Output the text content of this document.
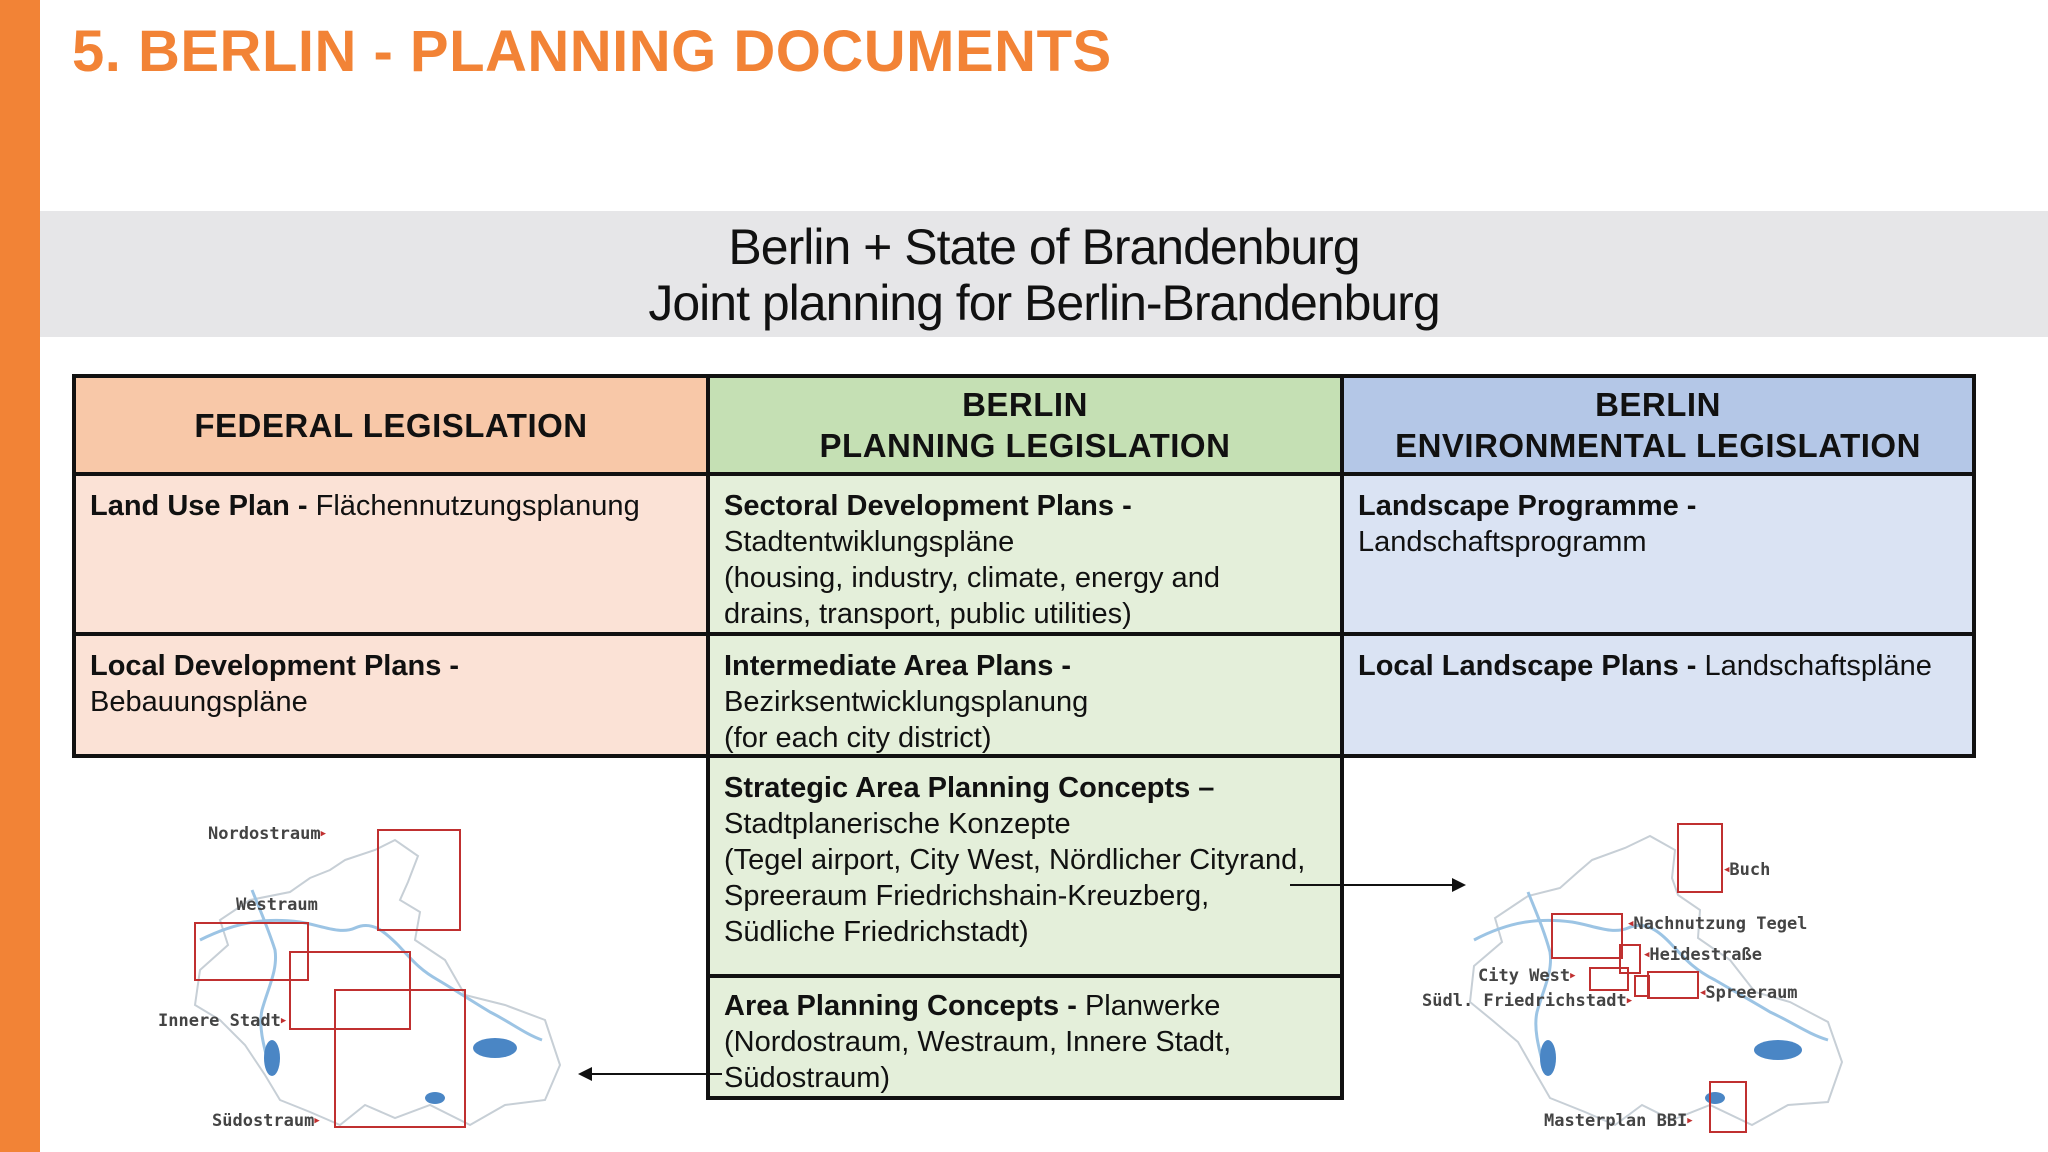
5. BERLIN - PLANNING DOCUMENTS
Berlin + State of Brandenburg
Joint planning for Berlin-Brandenburg
FEDERAL LEGISLATION
BERLIN
PLANNING LEGISLATION
BERLIN
ENVIRONMENTAL LEGISLATION
Land Use Plan - Flächennutzungsplanung	Sectoral Development Plans -
Stadtentwiklungspläne
(housing, industry, climate, energy and
drains, transport, public utilities)
Landscape Programme -
Landschaftsprogramm
Local Development Plans -
Bebauungspläne
Intermediate Area Plans -
Bezirksentwicklungsplanung
(for each city district)
Local Landscape Plans - Landschaftspläne
Strategic Area Planning Concepts –
Stadtplanerische Konzepte
(Tegel airport, City West, Nördlicher Cityrand,
Spreeraum Friedrichshain-Kreuzberg,
Südliche Friedrichstadt)
Area Planning Concepts - Planwerke
(Nordostraum, Westraum, Innere Stadt,
Südostraum)
Nordostraum▶
Westraum
Innere Stadt▶
Südostraum▶
◀Buch
◀Nachnutzung Tegel
◀Heidestraße
City West▶
Südl. Friedrichstadt▶
◀Spreeraum
Masterplan BBI▶
